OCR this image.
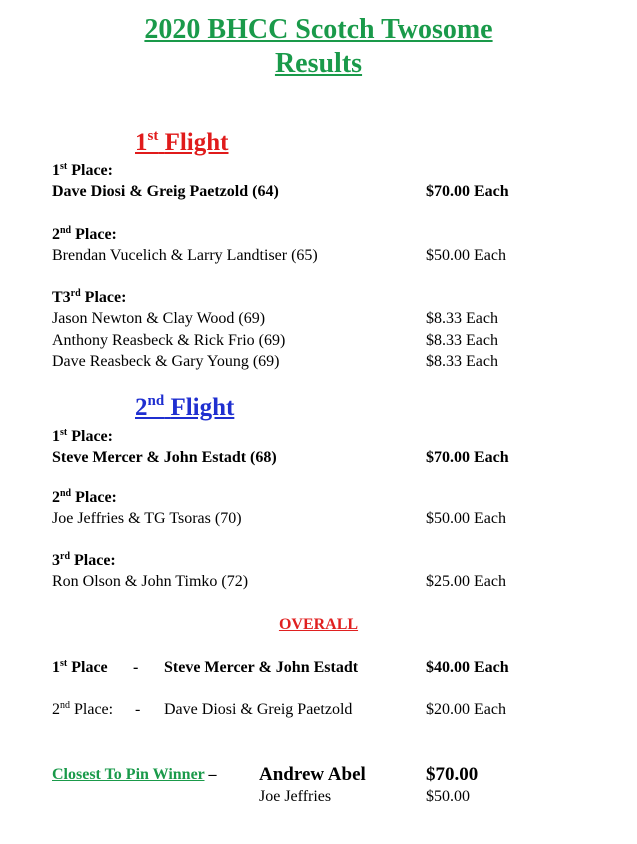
2020 BHCC Scotch Twosome
Results
1st Flight
1st Place:
Dave Diosi & Greig Paetzold (64)	$70.00 Each
2nd Place:
Brendan Vucelich & Larry Landtiser (65)	$50.00 Each
T3rd Place:
Jason Newton & Clay Wood (69)	$8.33 Each
Anthony Reasbeck & Rick Frio (69)	$8.33 Each
Dave Reasbeck & Gary Young (69)	$8.33 Each
2nd Flight
1st Place:
Steve Mercer & John Estadt (68)	$70.00 Each
2nd Place:
Joe Jeffries & TG Tsoras (70)	$50.00 Each
3rd Place:
Ron Olson & John Timko (72)	$25.00 Each
OVERALL
1st Place - Steve Mercer & John Estadt	$40.00 Each
2nd Place: - Dave Diosi & Greig Paetzold	$20.00 Each
Closest To Pin Winner – Andrew Abel	$70.00
Joe Jeffries	$50.00
